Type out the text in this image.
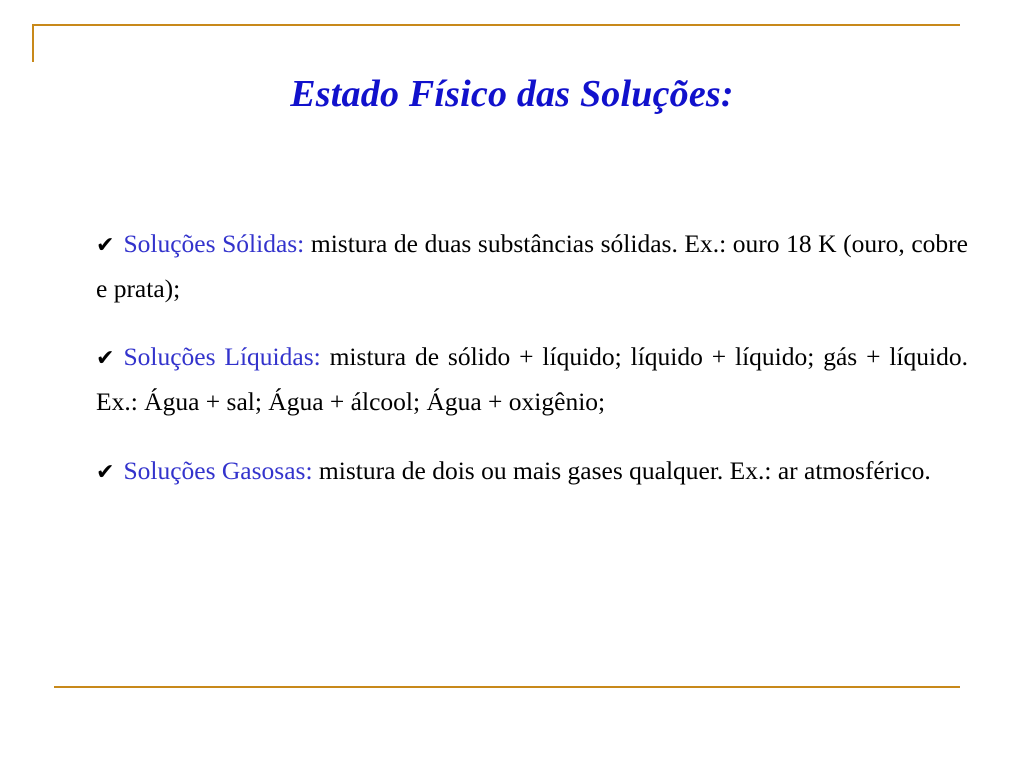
Estado Físico das Soluções:

✔ Soluções Sólidas: mistura de duas substâncias sólidas. Ex.: ouro 18 K (ouro, cobre e prata);

✔ Soluções Líquidas: mistura de sólido + líquido; líquido + líquido; gás + líquido. Ex.: Água + sal; Água + álcool; Água + oxigênio;

✔ Soluções Gasosas: mistura de dois ou mais gases qualquer. Ex.: ar atmosférico.
